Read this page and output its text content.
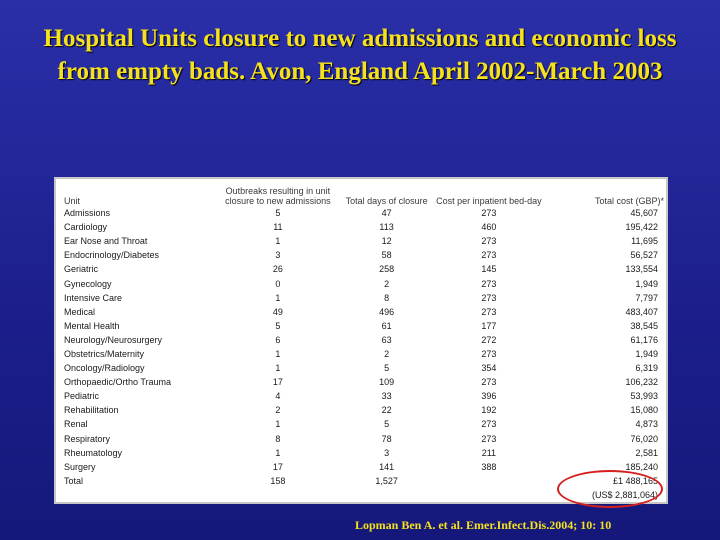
Hospital Units closure to new admissions and economic loss from empty bads. Avon, England April 2002-March 2003
Unit	Outbreaks resulting in unit closure to new admissions	Total days of closure	Cost per inpatient bed-day	Total cost (GBP)*
Admissions	5	47	273	45,607
Cardiology	11	113	460	195,422
Ear Nose and Throat	1	12	273	11,695
Endocrinology/Diabetes	3	58	273	56,527
Geriatric	26	258	145	133,554
Gynecology	0	2	273	1,949
Intensive Care	1	8	273	7,797
Medical	49	496	273	483,407
Mental Health	5	61	177	38,545
Neurology/Neurosurgery	6	63	272	61,176
Obstetrics/Maternity	1	2	273	1,949
Oncology/Radiology	1	5	354	6,319
Orthopaedic/Ortho Trauma	17	109	273	106,232
Pediatric	4	33	396	53,993
Rehabilitation	2	22	192	15,080
Renal	1	5	273	4,873
Respiratory	8	78	273	76,020
Rheumatology	1	3	211	2,581
Surgery	17	141	388	185,240
Total	158	1,527		£1 488,165
				(US$ 2,881,064)
Lopman Ben A. et al. Emer.Infect.Dis.2004; 10: 10
